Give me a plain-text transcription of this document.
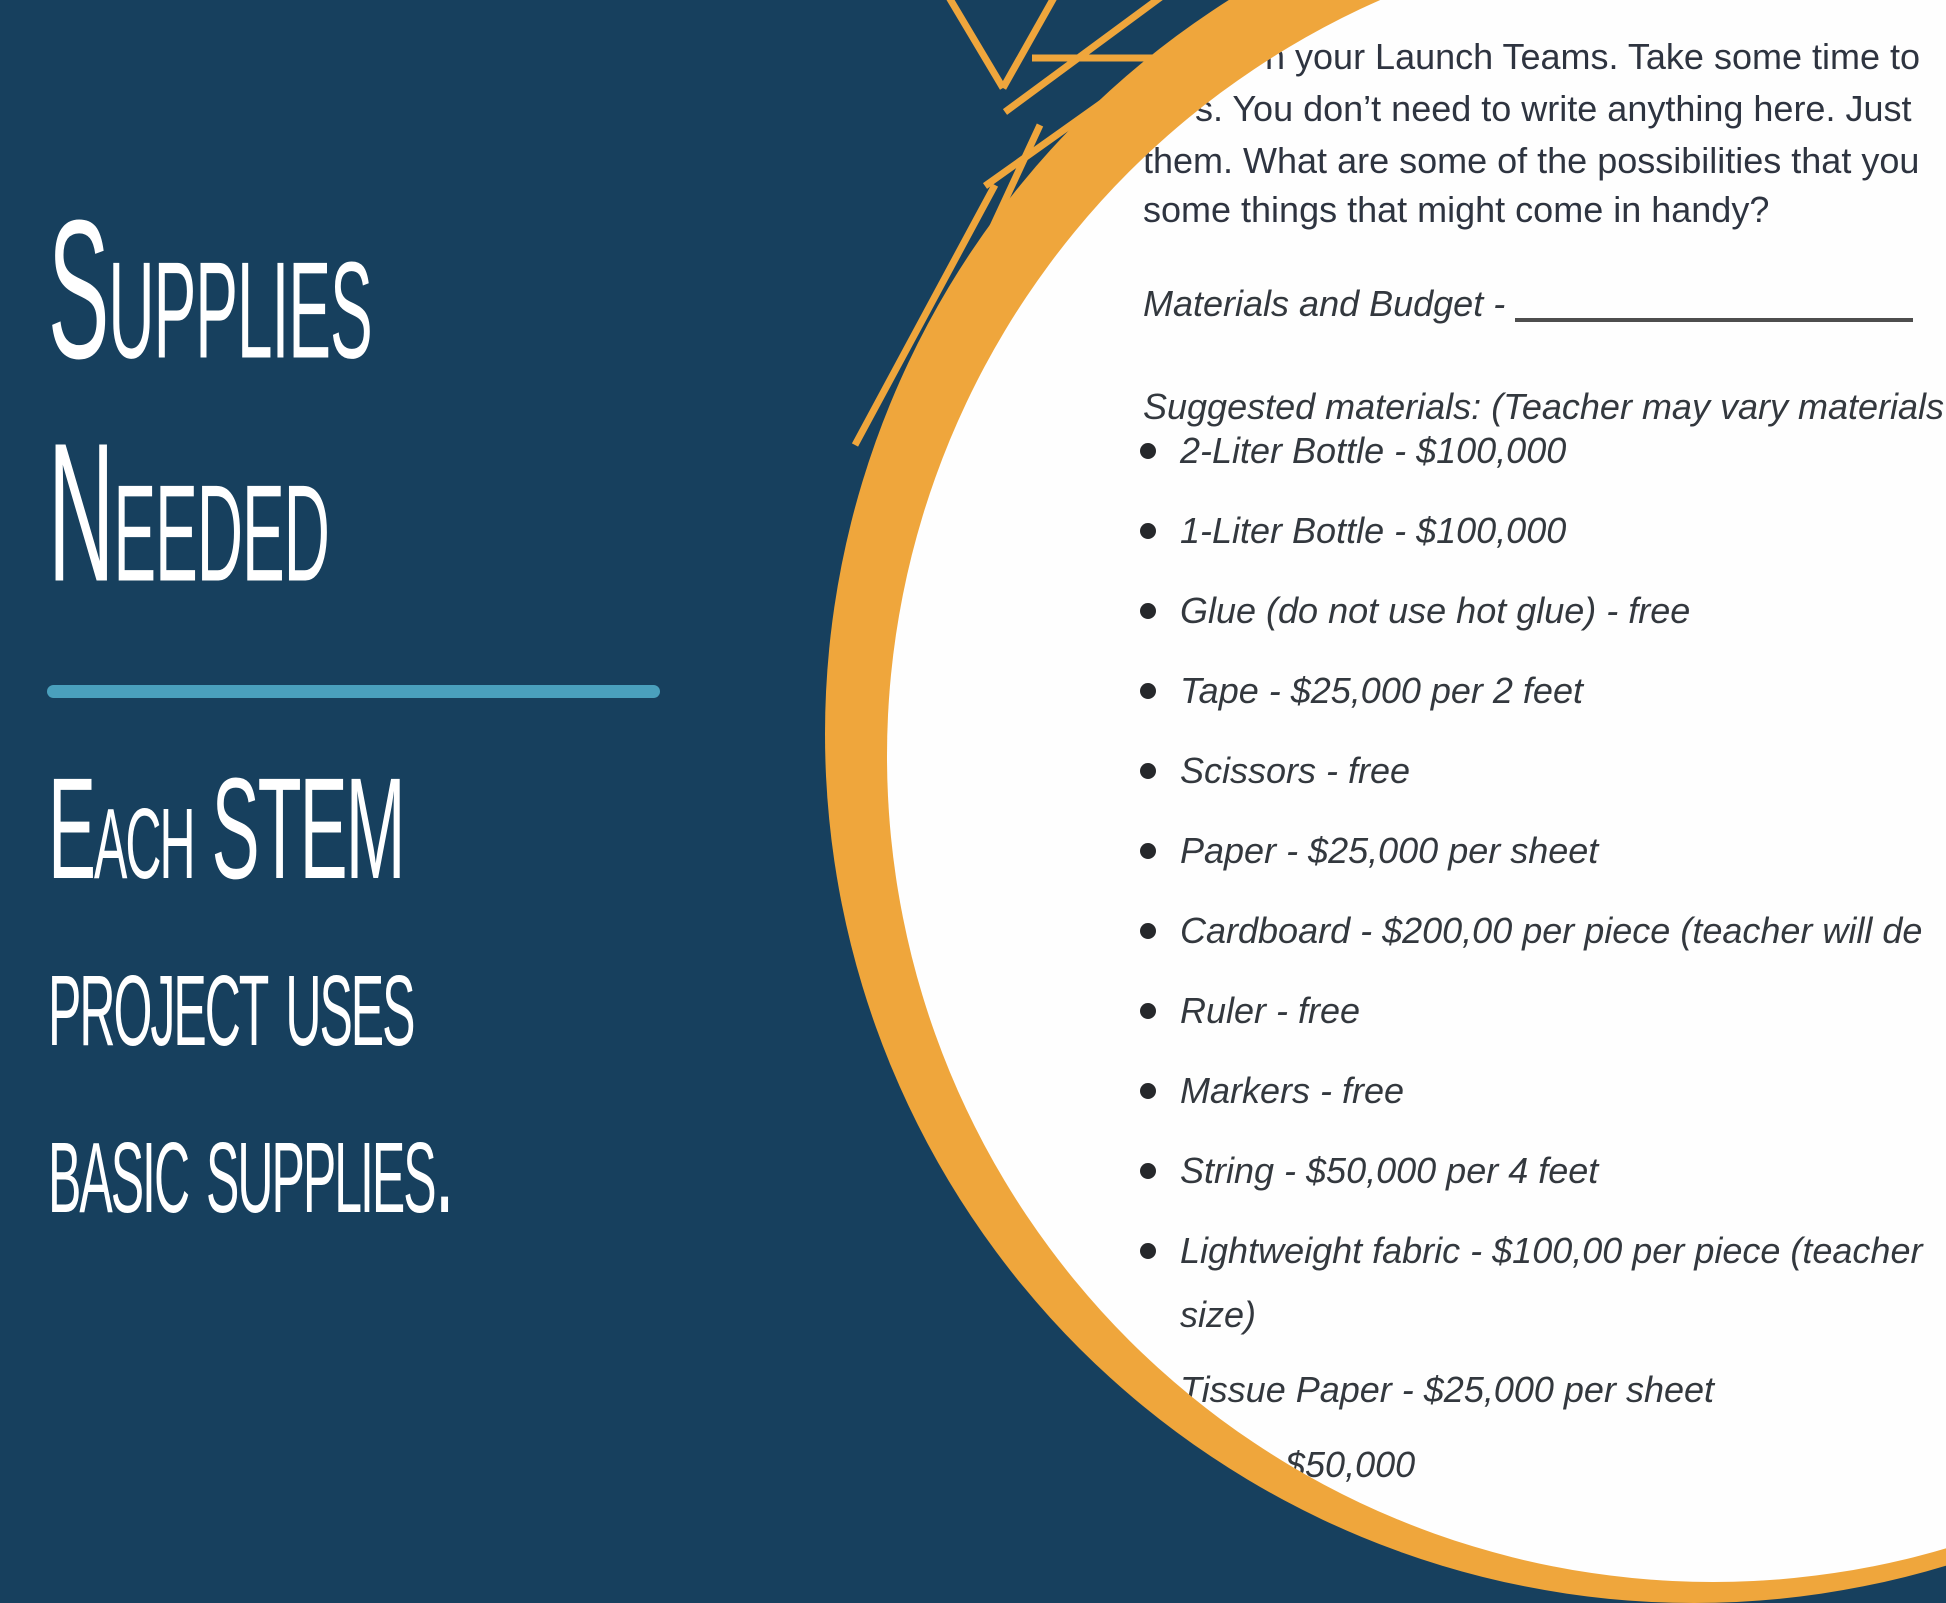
h your Launch Teams. Take some time to
s. You don’t need to write anything here. Just
them. What are some of the possibilities that you
some things that might come in handy?
Materials and Budget -
Suggested materials: (Teacher may vary materials
2-Liter Bottle - $100,000
1-Liter Bottle - $100,000
Glue (do not use hot glue) - free
Tape - $25,000 per 2 feet
Scissors - free
Paper - $25,000 per sheet
Cardboard - $200,00 per piece (teacher will de
Ruler - free
Markers - free
String - $50,000 per 4 feet
Lightweight fabric - $100,00 per piece (teacher
size)
Tissue Paper - $25,000 per sheet
$50,000
Supplies
Needed
Each STEM
project uses
basic supplies.
